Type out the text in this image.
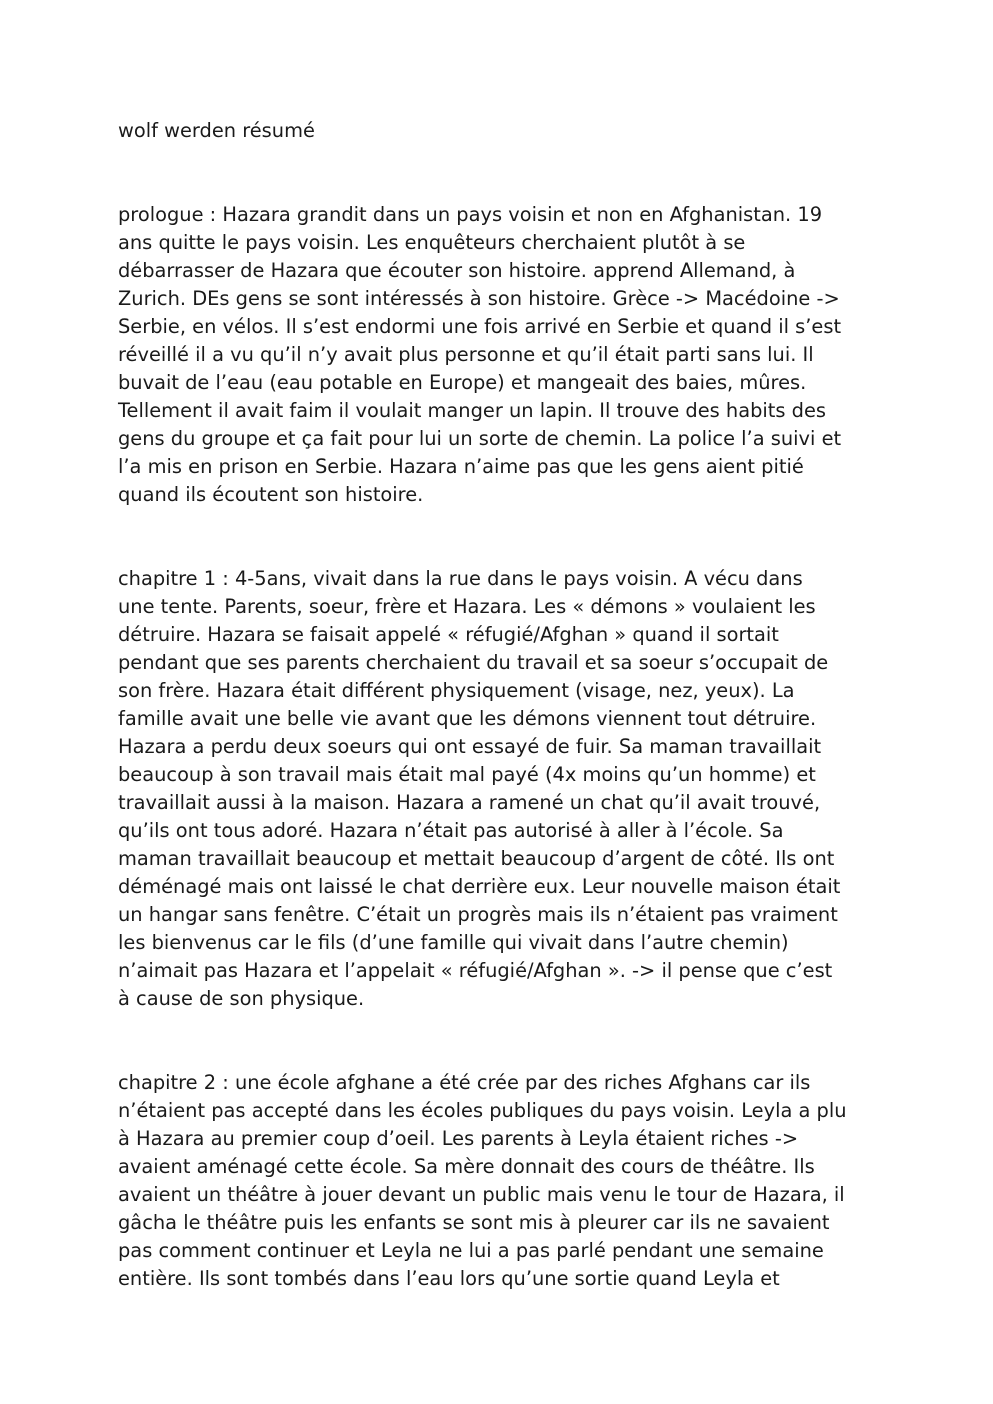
wolf werden résumé
prologue : Hazara grandit dans un pays voisin et non en Afghanistan. 19
ans quitte le pays voisin. Les enquêteurs cherchaient plutôt à se
débarrasser de Hazara que écouter son histoire. apprend Allemand, à
Zurich. DEs gens se sont intéressés à son histoire. Grèce -> Macédoine ->
Serbie, en vélos. Il s’est endormi une fois arrivé en Serbie et quand il s’est
réveillé il a vu qu’il n’y avait plus personne et qu’il était parti sans lui. Il
buvait de l’eau (eau potable en Europe) et mangeait des baies, mûres.
Tellement il avait faim il voulait manger un lapin. Il trouve des habits des
gens du groupe et ça fait pour lui un sorte de chemin. La police l’a suivi et
l’a mis en prison en Serbie. Hazara n’aime pas que les gens aient pitié
quand ils écoutent son histoire.
chapitre 1 : 4-5ans, vivait dans la rue dans le pays voisin. A vécu dans
une tente. Parents, soeur, frère et Hazara. Les « démons » voulaient les
détruire. Hazara se faisait appelé « réfugié/Afghan » quand il sortait
pendant que ses parents cherchaient du travail et sa soeur s’occupait de
son frère. Hazara était différent physiquement (visage, nez, yeux). La
famille avait une belle vie avant que les démons viennent tout détruire.
Hazara a perdu deux soeurs qui ont essayé de fuir. Sa maman travaillait
beaucoup à son travail mais était mal payé (4x moins qu’un homme) et
travaillait aussi à la maison. Hazara a ramené un chat qu’il avait trouvé,
qu’ils ont tous adoré. Hazara n’était pas autorisé à aller à l’école. Sa
maman travaillait beaucoup et mettait beaucoup d’argent de côté. Ils ont
déménagé mais ont laissé le chat derrière eux. Leur nouvelle maison était
un hangar sans fenêtre. C’était un progrès mais ils n’étaient pas vraiment
les bienvenus car le fils (d’une famille qui vivait dans l’autre chemin)
n’aimait pas Hazara et l’appelait « réfugié/Afghan ». -> il pense que c’est
à cause de son physique.
chapitre 2 : une école afghane a été crée par des riches Afghans car ils
n’étaient pas accepté dans les écoles publiques du pays voisin. Leyla a plu
à Hazara au premier coup d’oeil. Les parents à Leyla étaient riches ->
avaient aménagé cette école. Sa mère donnait des cours de théâtre. Ils
avaient un théâtre à jouer devant un public mais venu le tour de Hazara, il
gâcha le théâtre puis les enfants se sont mis à pleurer car ils ne savaient
pas comment continuer et Leyla ne lui a pas parlé pendant une semaine
entière. Ils sont tombés dans l’eau lors qu’une sortie quand Leyla et
